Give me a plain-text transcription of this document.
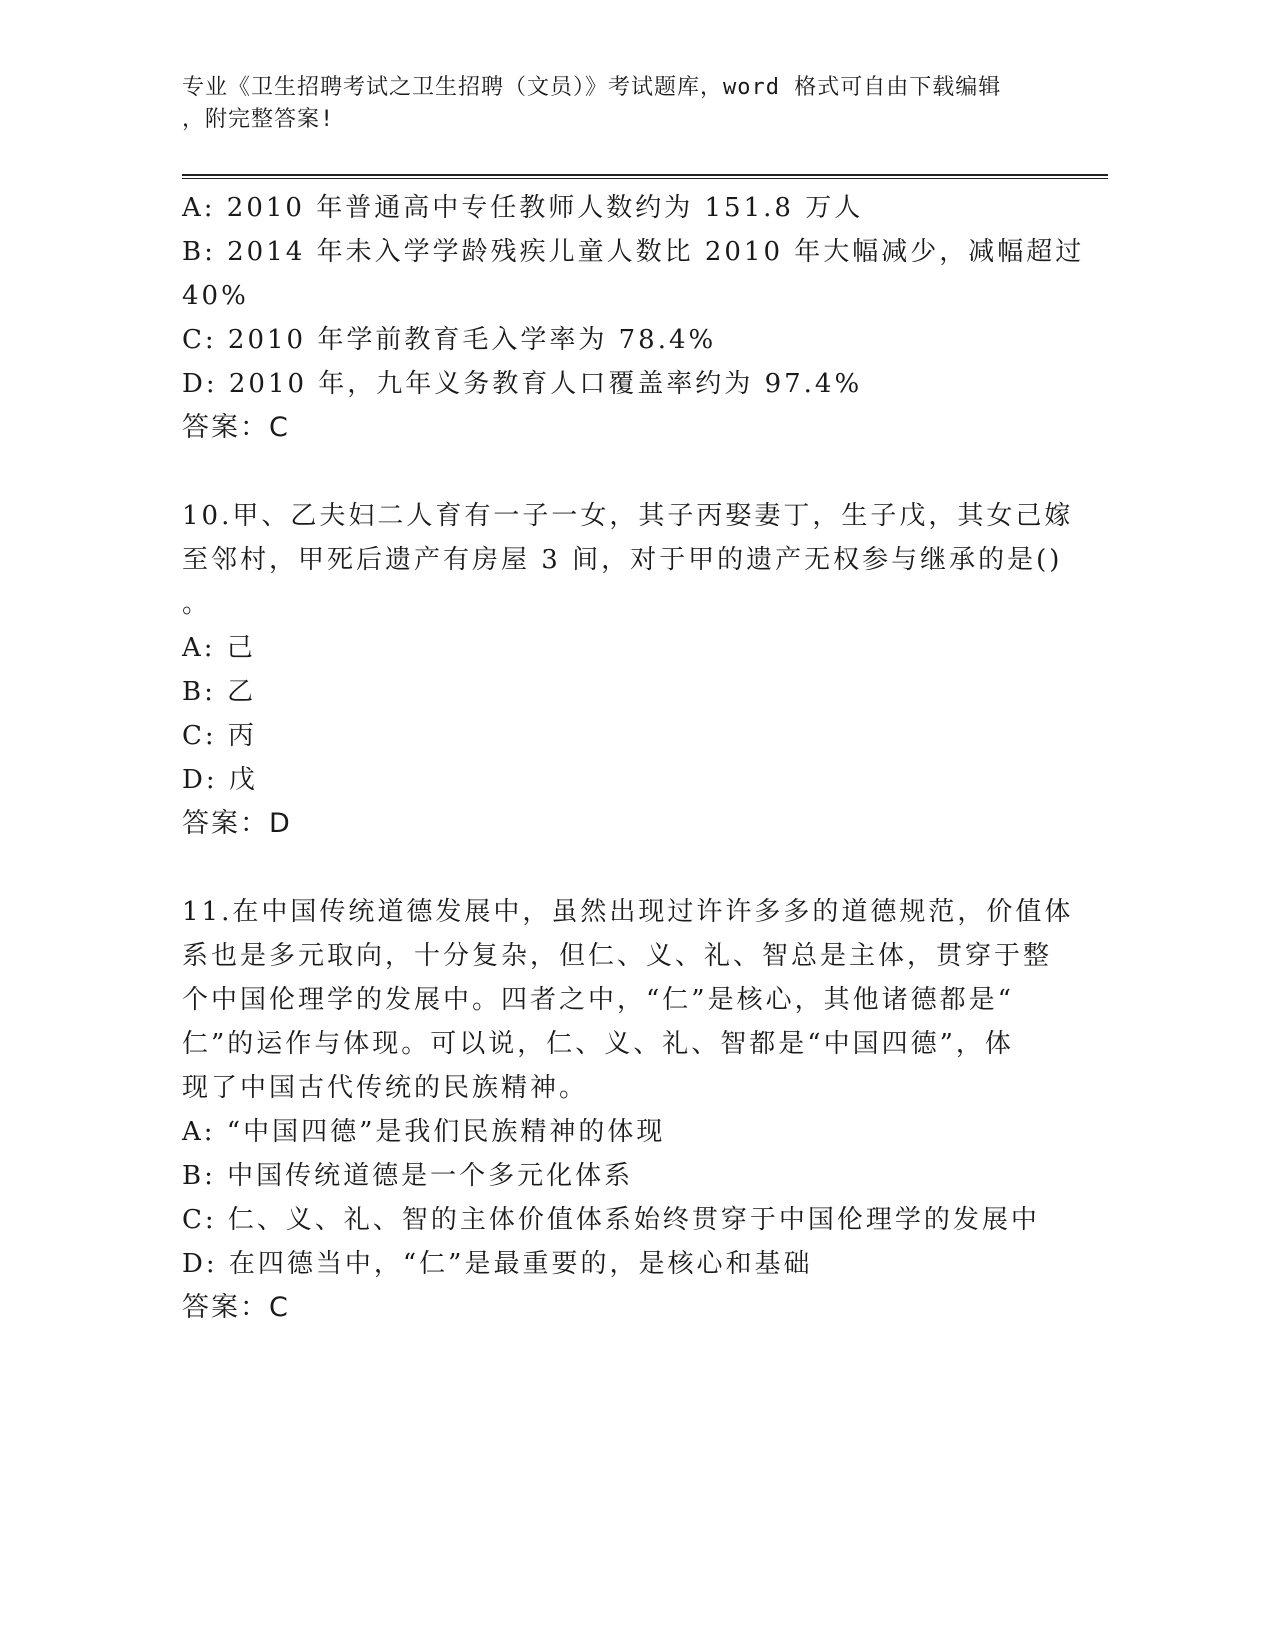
专业《卫生招聘考试之卫生招聘（文员）》考试题库，word 格式可自由下载编辑
，附完整答案!
A: 2010 年普通高中专任教师人数约为 151.8 万人
B: 2014 年未入学学龄残疾儿童人数比 2010 年大幅减少，减幅超过
40%
C: 2010 年学前教育毛入学率为 78.4%
D: 2010 年，九年义务教育人口覆盖率约为 97.4%
答案：C
10.甲、乙夫妇二人育有一子一女，其子丙娶妻丁，生子戊，其女己嫁
至邻村，甲死后遗产有房屋 3 间，对于甲的遗产无权参与继承的是()
。
A: 己
B: 乙
C: 丙
D: 戊
答案：D
11.在中国传统道德发展中，虽然出现过许许多多的道德规范，价值体
系也是多元取向，十分复杂，但仁、义、礼、智总是主体，贯穿于整
个中国伦理学的发展中。四者之中，“仁”是核心，其他诸德都是“
仁”的运作与体现。可以说，仁、义、礼、智都是“中国四德”，体
现了中国古代传统的民族精神。
A: “中国四德”是我们民族精神的体现
B: 中国传统道德是一个多元化体系
C: 仁、义、礼、智的主体价值体系始终贯穿于中国伦理学的发展中
D: 在四德当中，“仁”是最重要的，是核心和基础
答案：C
